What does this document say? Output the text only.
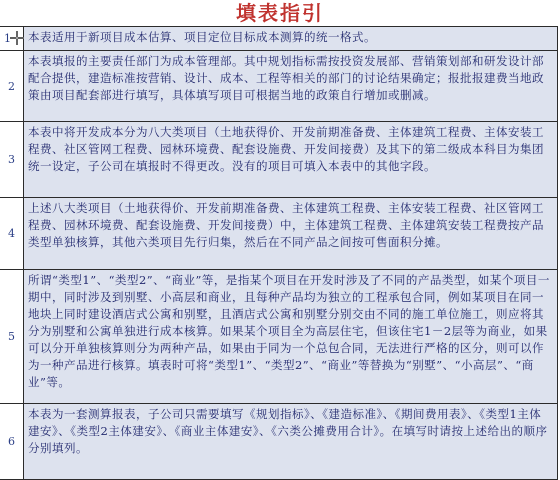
填表指引
1	本表适用于新项目成本估算、项目定位目标成本测算的统一格式。
2
本表填报的主要责任部门为成本管理部。其中规划指标需按投资发展部、营销策划部和研发设计部配合提供，建造标准按营销、设计、成本、工程等相关的部门的讨论结果确定；报批报建费当地政策由项目配套部进行填写，具体填写项目可根据当地的政策自行增加或删减。
3
本表中将开发成本分为八大类项目（土地获得价、开发前期准备费、主体建筑工程费、主体安装工程费、社区管网工程费、园林环境费、配套设施费、开发间接费）及其下的第二级成本科目为集团统一设定，子公司在填报时不得更改。没有的项目可填入本表中的其他字段。
4
上述八大类项目（土地获得价、开发前期准备费、主体建筑工程费、主体安装工程费、社区管网工程费、园林环境费、配套设施费、开发间接费）中，主体建筑工程费、主体建筑安装工程费按产品类型单独核算，其他六类项目先行归集，然后在不同产品之间按可售面积分摊。
5
所谓“类型1”、“类型2”、“商业”等，是指某个项目在开发时涉及了不同的产品类型，如某个项目一期中，同时涉及到别墅、小高层和商业，且每种产品均为独立的工程承包合同，例如某项目在同一地块上同时建设酒店式公寓和别墅，且酒店式公寓和别墅分别交由不同的施工单位施工，则应将其分为别墅和公寓单独进行成本核算。如果某个项目全为高层住宅，但该住宅1－2层等为商业，如果可以分开单独核算则分为两种产品，如果由于同为一个总包合同，无法进行严格的区分，则可以作为一种产品进行核算。填表时可将“类型1”、“类型2”、“商业”等替换为“别墅”、“小高层”、“商业”等。
6
本表为一套测算报表，子公司只需要填写《规划指标》、《建造标准》、《期间费用表》、《类型1主体建安》、《类型2主体建安》、《商业主体建安》、《六类公摊费用合计》。在填写时请按上述给出的顺序分别填列。
